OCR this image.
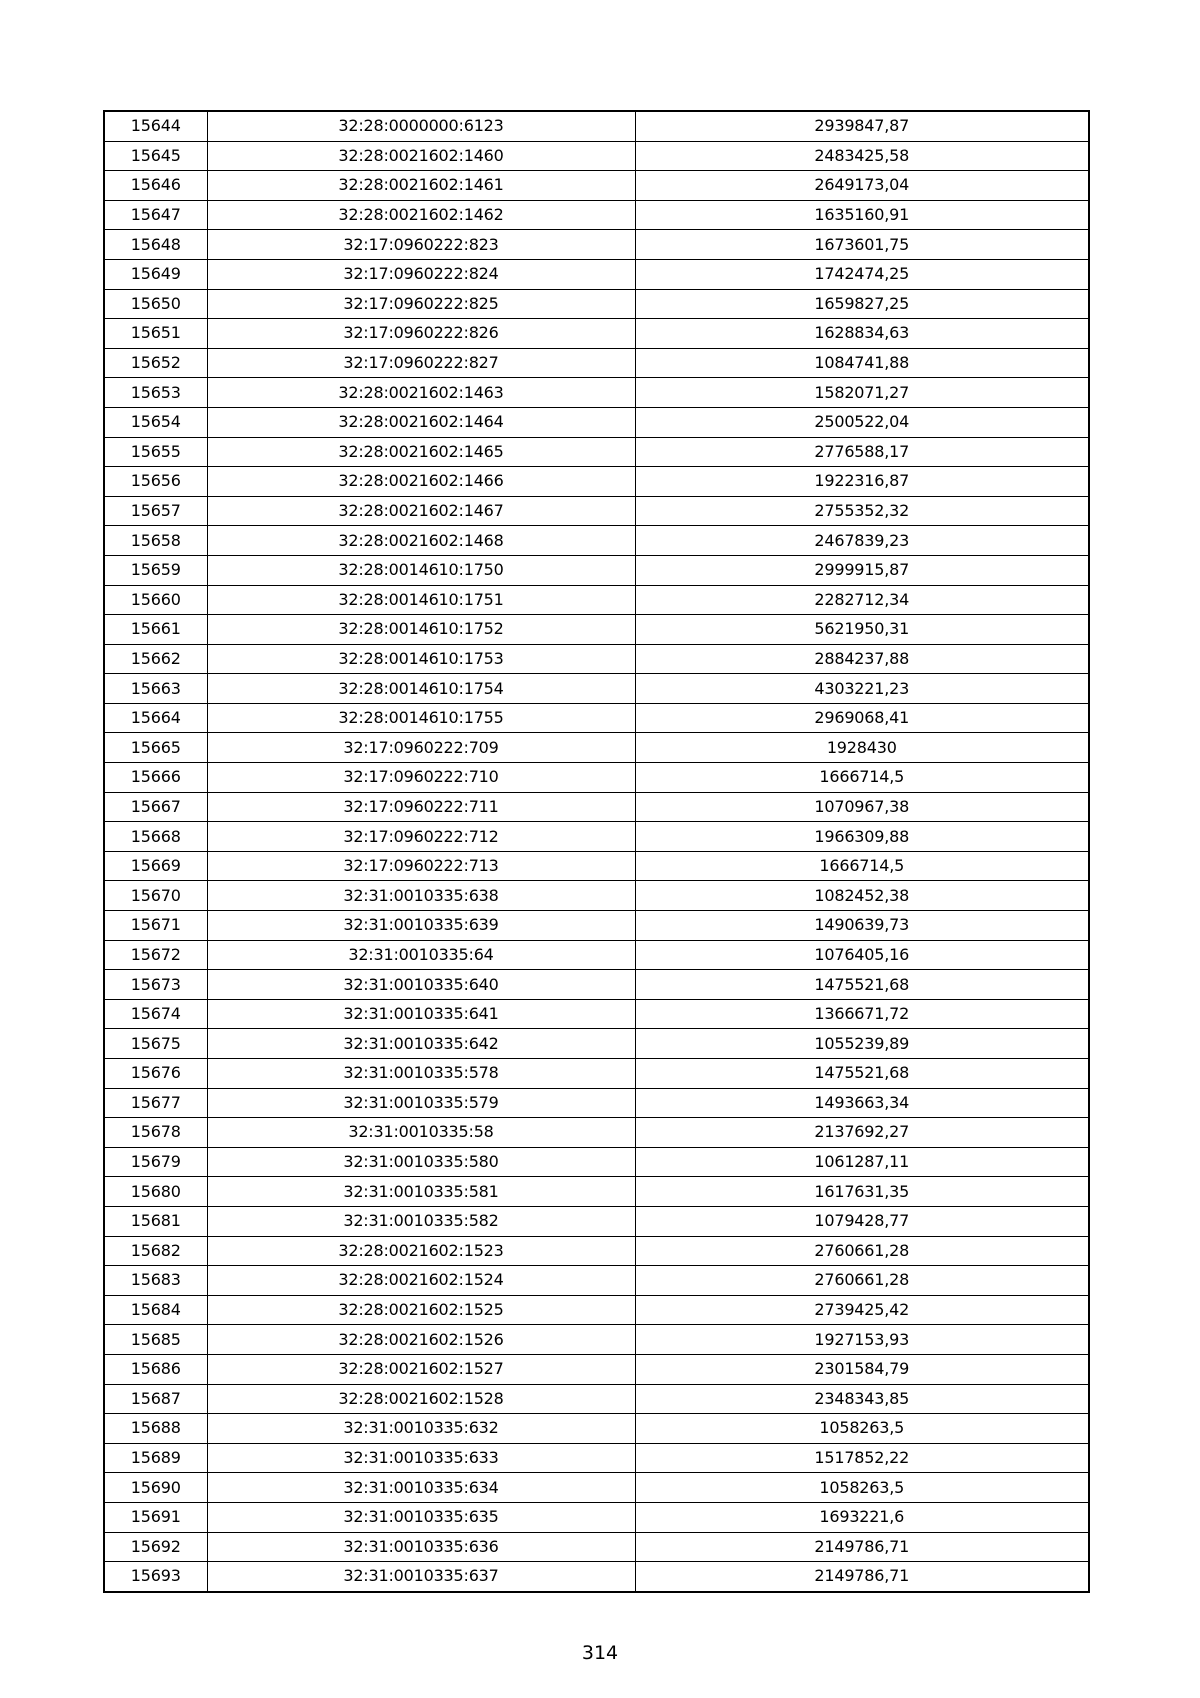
15644	32:28:0000000:6123	2939847,87
15645	32:28:0021602:1460	2483425,58
15646	32:28:0021602:1461	2649173,04
15647	32:28:0021602:1462	1635160,91
15648	32:17:0960222:823	1673601,75
15649	32:17:0960222:824	1742474,25
15650	32:17:0960222:825	1659827,25
15651	32:17:0960222:826	1628834,63
15652	32:17:0960222:827	1084741,88
15653	32:28:0021602:1463	1582071,27
15654	32:28:0021602:1464	2500522,04
15655	32:28:0021602:1465	2776588,17
15656	32:28:0021602:1466	1922316,87
15657	32:28:0021602:1467	2755352,32
15658	32:28:0021602:1468	2467839,23
15659	32:28:0014610:1750	2999915,87
15660	32:28:0014610:1751	2282712,34
15661	32:28:0014610:1752	5621950,31
15662	32:28:0014610:1753	2884237,88
15663	32:28:0014610:1754	4303221,23
15664	32:28:0014610:1755	2969068,41
15665	32:17:0960222:709	1928430
15666	32:17:0960222:710	1666714,5
15667	32:17:0960222:711	1070967,38
15668	32:17:0960222:712	1966309,88
15669	32:17:0960222:713	1666714,5
15670	32:31:0010335:638	1082452,38
15671	32:31:0010335:639	1490639,73
15672	32:31:0010335:64	1076405,16
15673	32:31:0010335:640	1475521,68
15674	32:31:0010335:641	1366671,72
15675	32:31:0010335:642	1055239,89
15676	32:31:0010335:578	1475521,68
15677	32:31:0010335:579	1493663,34
15678	32:31:0010335:58	2137692,27
15679	32:31:0010335:580	1061287,11
15680	32:31:0010335:581	1617631,35
15681	32:31:0010335:582	1079428,77
15682	32:28:0021602:1523	2760661,28
15683	32:28:0021602:1524	2760661,28
15684	32:28:0021602:1525	2739425,42
15685	32:28:0021602:1526	1927153,93
15686	32:28:0021602:1527	2301584,79
15687	32:28:0021602:1528	2348343,85
15688	32:31:0010335:632	1058263,5
15689	32:31:0010335:633	1517852,22
15690	32:31:0010335:634	1058263,5
15691	32:31:0010335:635	1693221,6
15692	32:31:0010335:636	2149786,71
15693	32:31:0010335:637	2149786,71
314
